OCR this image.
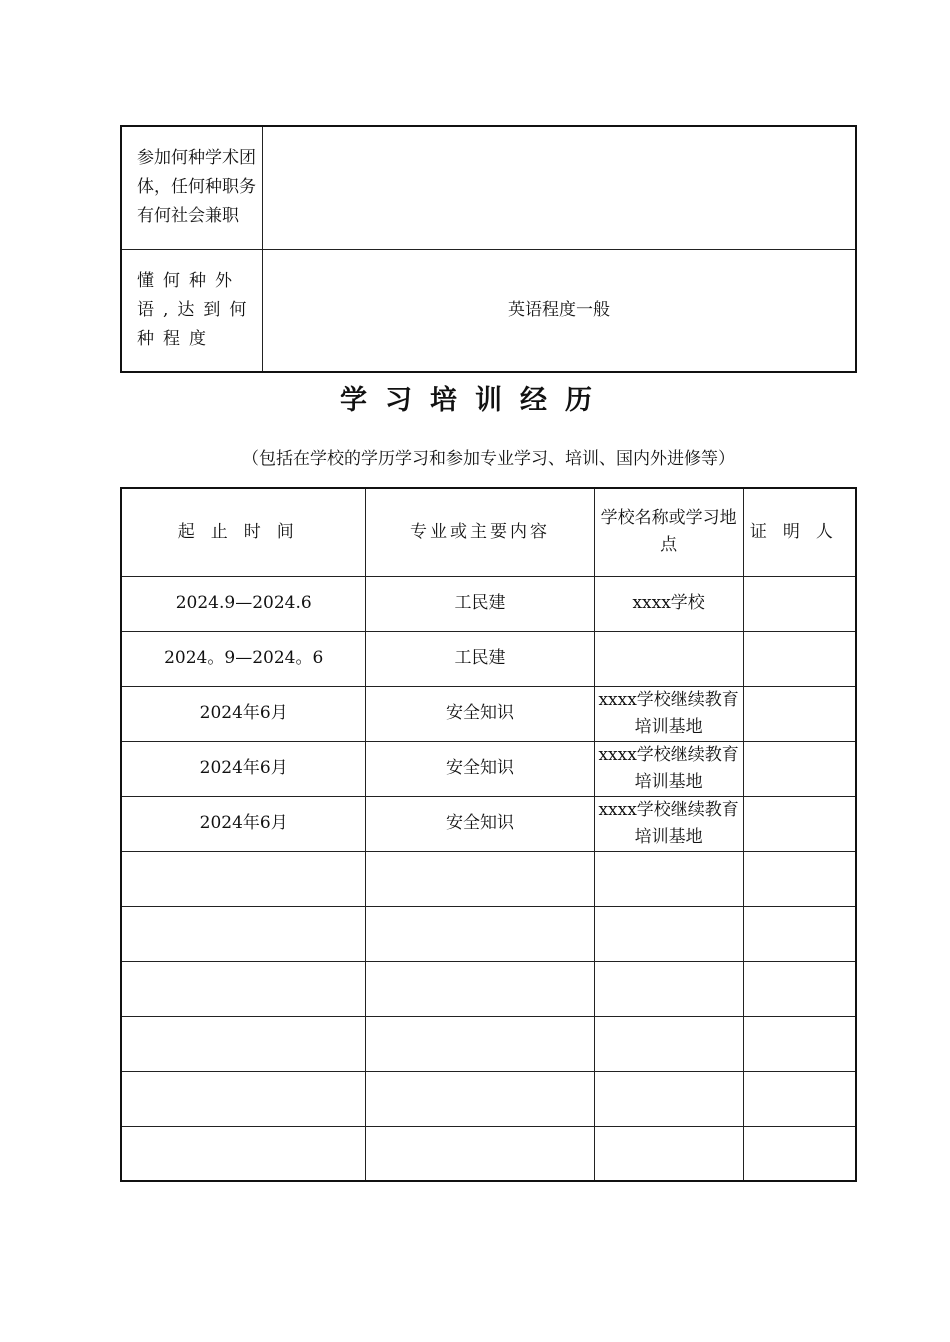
参加何种学术团体，任何种职务有何社会兼职	
懂何种外语,达到何种程度	英语程度一般
学习培训经历

（包括在学校的学历学习和参加专业学习、培训、国内外进修等）

起止时间	专业或主要内容	学校名称或学习地点	证明人
2024.9—2024.6	工民建	xxxx学校	
2024。9—2024。6	工民建		
2024年6月	安全知识	xxxx学校继续教育培训基地	
2024年6月	安全知识	xxxx学校继续教育培训基地	
2024年6月	安全知识	xxxx学校继续教育培训基地	
